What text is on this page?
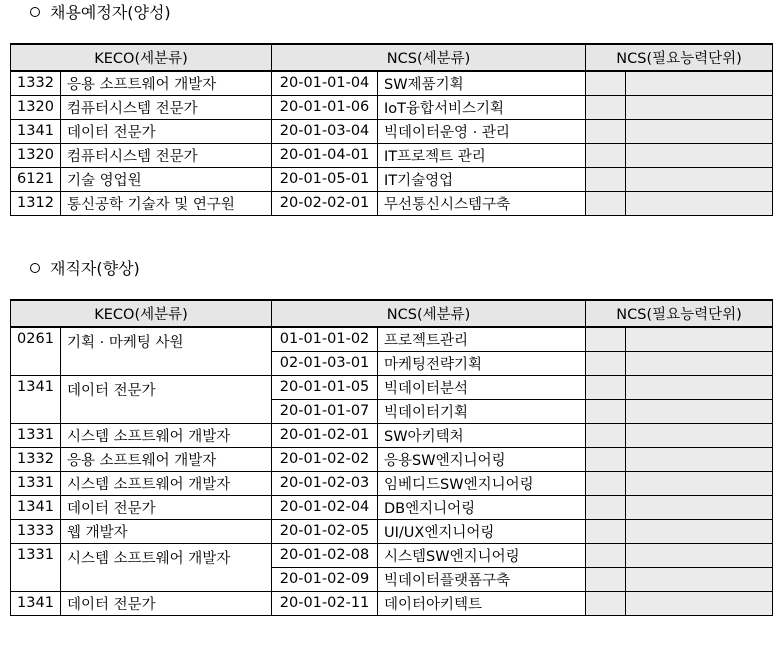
채용예정자(양성)
KECO(세분류)		NCS(세분류)		NCS(필요능력단위)	
1332	응용 소프트웨어 개발자	20-01-01-04	SW제품기획		
1320	컴퓨터시스템 전문가	20-01-01-06	IoT융합서비스기획		
1341	데이터 전문가	20-01-03-04	빅데이터운영 · 관리		
1320	컴퓨터시스템 전문가	20-01-04-01	IT프로젝트 관리		
6121	기술 영업원	20-01-05-01	IT기술영업		
1312	통신공학 기술자 및 연구원	20-02-02-01	무선통신시스템구축		
재직자(향상)
KECO(세분류)		NCS(세분류)		NCS(필요능력단위)	
0261	기획 · 마케팅 사원	01-01-01-02	프로젝트관리		
		02-01-03-01	마케팅전략기획		
1341	데이터 전문가	20-01-01-05	빅데이터분석		
		20-01-01-07	빅데이터기획		
1331	시스템 소프트웨어 개발자	20-01-02-01	SW아키텍처		
1332	응용 소프트웨어 개발자	20-01-02-02	응용SW엔지니어링		
1331	시스템 소프트웨어 개발자	20-01-02-03	임베디드SW엔지니어링		
1341	데이터 전문가	20-01-02-04	DB엔지니어링		
1333	웹 개발자	20-01-02-05	UI/UX엔지니어링		
1331	시스템 소프트웨어 개발자	20-01-02-08	시스템SW엔지니어링		
		20-01-02-09	빅데이터플랫폼구축		
1341	데이터 전문가	20-01-02-11	데이터아키텍트		
